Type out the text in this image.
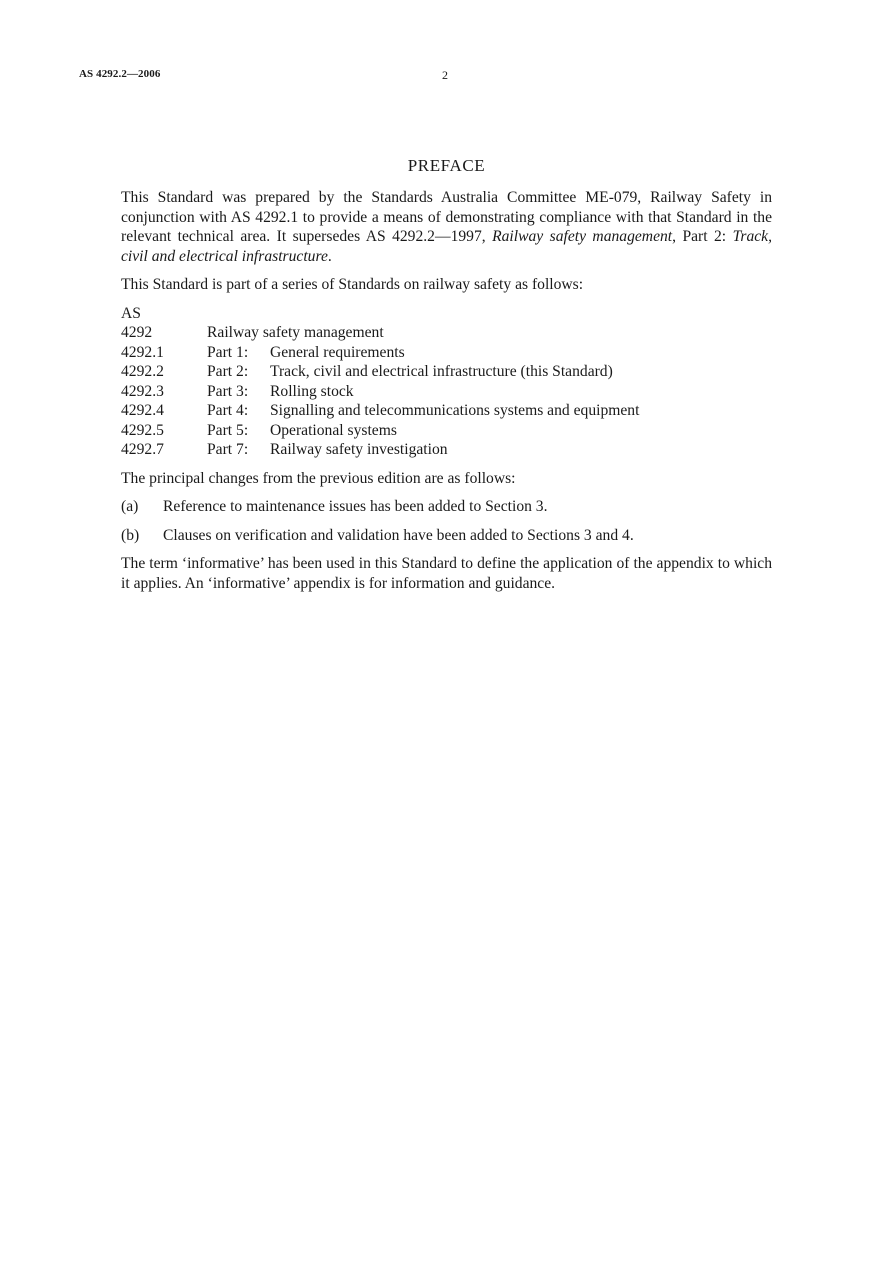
AS 4292.2—2006	2
PREFACE

This Standard was prepared by the Standards Australia Committee ME-079, Railway Safety in conjunction with AS 4292.1 to provide a means of demonstrating compliance with that Standard in the relevant technical area. It supersedes AS 4292.2—1997, Railway safety management, Part 2: Track, civil and electrical infrastructure.

This Standard is part of a series of Standards on railway safety as follows:

AS
4292	Railway safety management
4292.1	Part 1:	General requirements
4292.2	Part 2:	Track, civil and electrical infrastructure (this Standard)
4292.3	Part 3:	Rolling stock
4292.4	Part 4:	Signalling and telecommunications systems and equipment
4292.5	Part 5:	Operational systems
4292.7	Part 7:	Railway safety investigation

The principal changes from the previous edition are as follows:

(a)	Reference to maintenance issues has been added to Section 3.
(b)	Clauses on verification and validation have been added to Sections 3 and 4.

The term ‘informative’ has been used in this Standard to define the application of the appendix to which it applies. An ‘informative’ appendix is for information and guidance.
